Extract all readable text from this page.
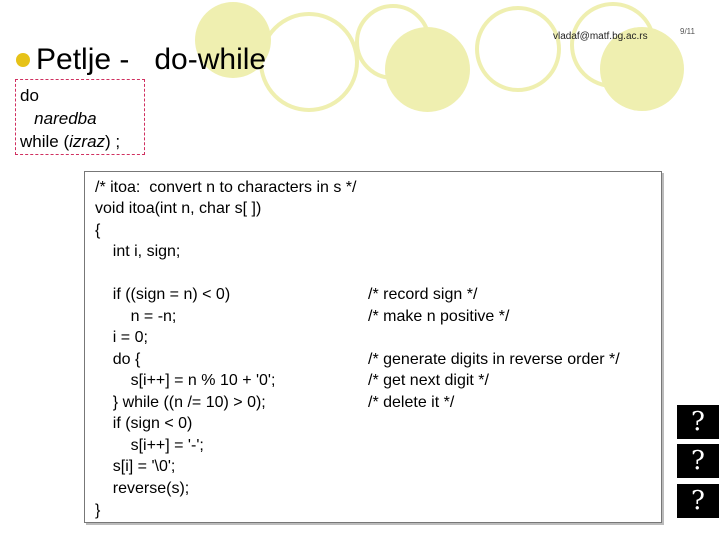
vladaf@matf.bg.ac.rs	9/11
Petlje -   do-while
do
naredba
while (izraz) ;
/* itoa:  convert n to characters in s */
void itoa(int n, char s[ ])
{
int i, sign;
if ((sign = n) < 0)
n = -n;
i = 0;
do {
s[i++] = n % 10 + '0';
} while ((n /= 10) > 0);
if (sign < 0)
s[i++] = '-';
s[i] = '\0';
reverse(s);
}
/* record sign */
/* make n positive */
/* generate digits in reverse order */
/* get next digit */
/* delete it */
?
?
?
